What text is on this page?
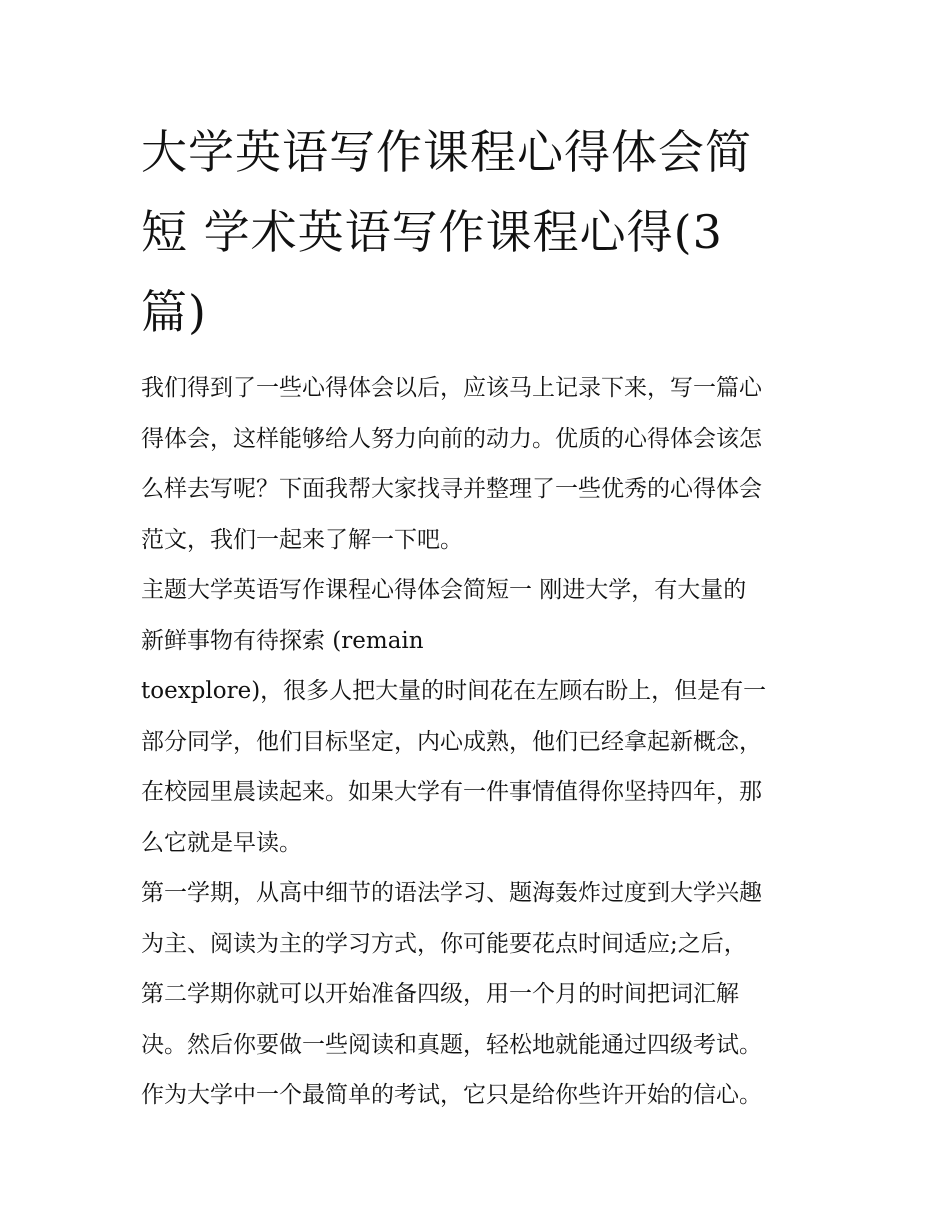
大学英语写作课程心得体会简
短 学术英语写作课程心得(3
篇)

我们得到了一些心得体会以后，应该马上记录下来，写一篇心
得体会，这样能够给人努力向前的动力。优质的心得体会该怎
么样去写呢？下面我帮大家找寻并整理了一些优秀的心得体会
范文，我们一起来了解一下吧。

主题大学英语写作课程心得体会简短一 刚进大学，有大量的
新鲜事物有待探索 (remain
toexplore)，很多人把大量的时间花在左顾右盼上，但是有一
部分同学，他们目标坚定，内心成熟，他们已经拿起新概念，
在校园里晨读起来。如果大学有一件事情值得你坚持四年，那
么它就是早读。

第一学期，从高中细节的语法学习、题海轰炸过度到大学兴趣
为主、阅读为主的学习方式，你可能要花点时间适应;之后，
第二学期你就可以开始准备四级，用一个月的时间把词汇解
决。然后你要做一些阅读和真题，轻松地就能通过四级考试。
作为大学中一个最简单的考试，它只是给你些许开始的信心。
